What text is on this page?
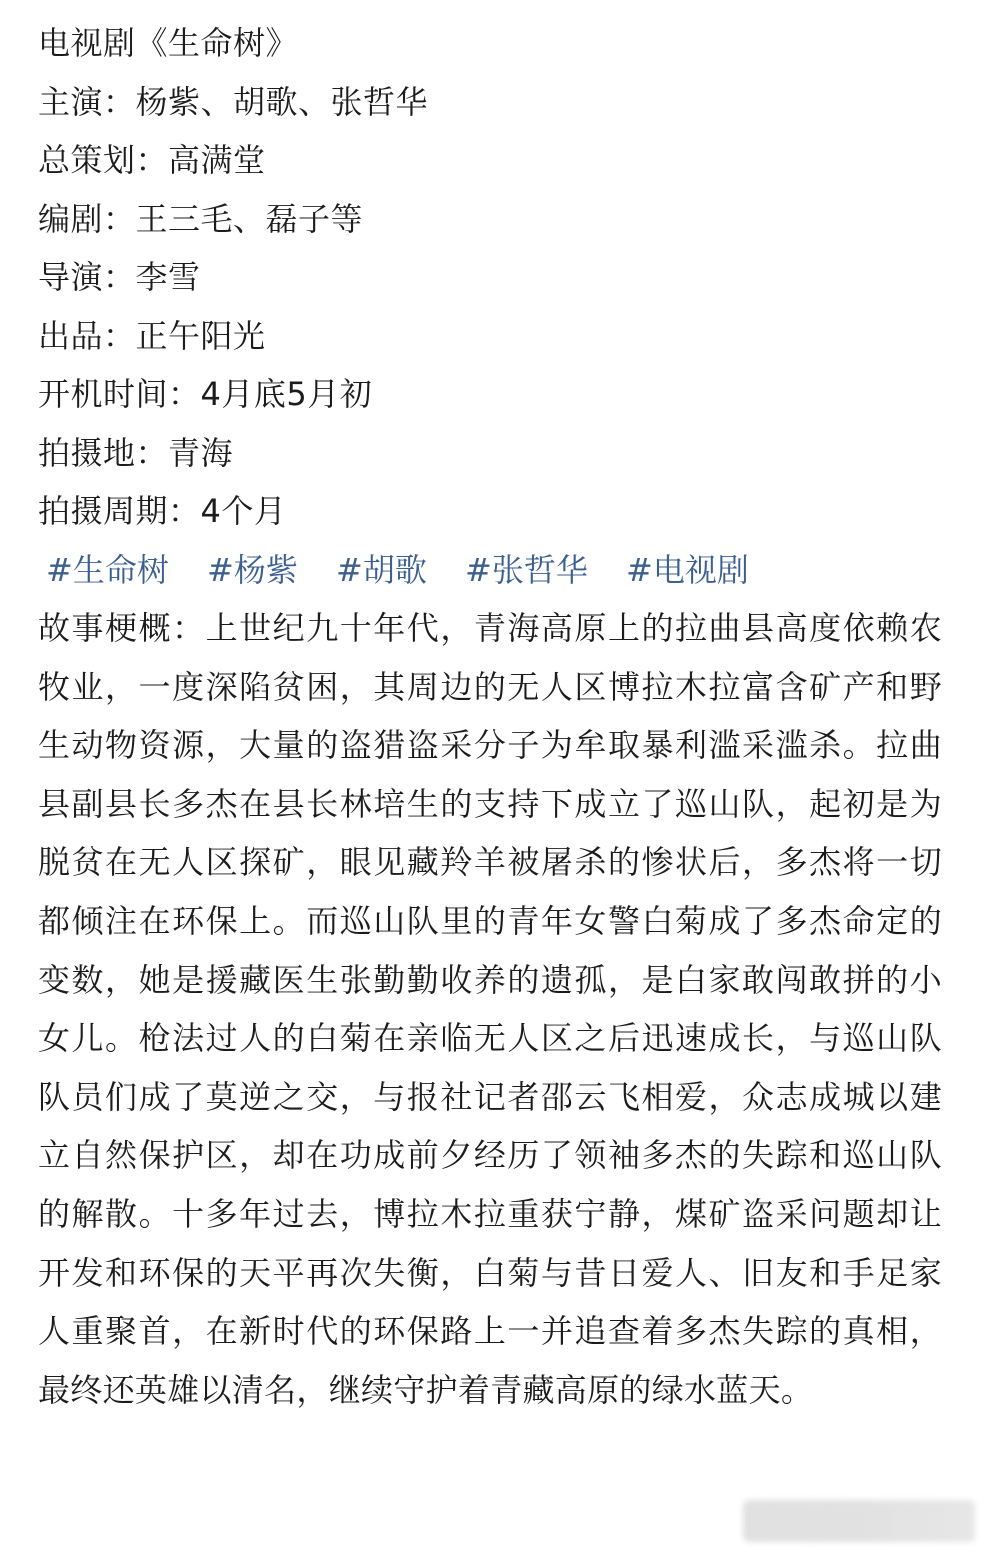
电视剧《生命树》
主演：杨紫、胡歌、张哲华
总策划：高满堂
编剧：王三毛、磊子等
导演：李雪
出品：正午阳光
开机时间：4月底5月初
拍摄地：青海
拍摄周期：4个月
#生命树 #杨紫 #胡歌 #张哲华 #电视剧
故事梗概：上世纪九十年代，青海高原上的拉曲县高度依赖农牧业，一度深陷贫困，其周边的无人区博拉木拉富含矿产和野生动物资源，大量的盗猎盗采分子为牟取暴利滥采滥杀。拉曲县副县长多杰在县长林培生的支持下成立了巡山队，起初是为脱贫在无人区探矿，眼见藏羚羊被屠杀的惨状后，多杰将一切都倾注在环保上。而巡山队里的青年女警白菊成了多杰命定的变数，她是援藏医生张勤勤收养的遗孤，是白家敢闯敢拼的小女儿。枪法过人的白菊在亲临无人区之后迅速成长，与巡山队队员们成了莫逆之交，与报社记者邵云飞相爱，众志成城以建立自然保护区，却在功成前夕经历了领袖多杰的失踪和巡山队的解散。十多年过去，博拉木拉重获宁静，煤矿盗采问题却让开发和环保的天平再次失衡，白菊与昔日爱人、旧友和手足家人重聚首，在新时代的环保路上一并追查着多杰失踪的真相，最终还英雄以清名，继续守护着青藏高原的绿水蓝天。
